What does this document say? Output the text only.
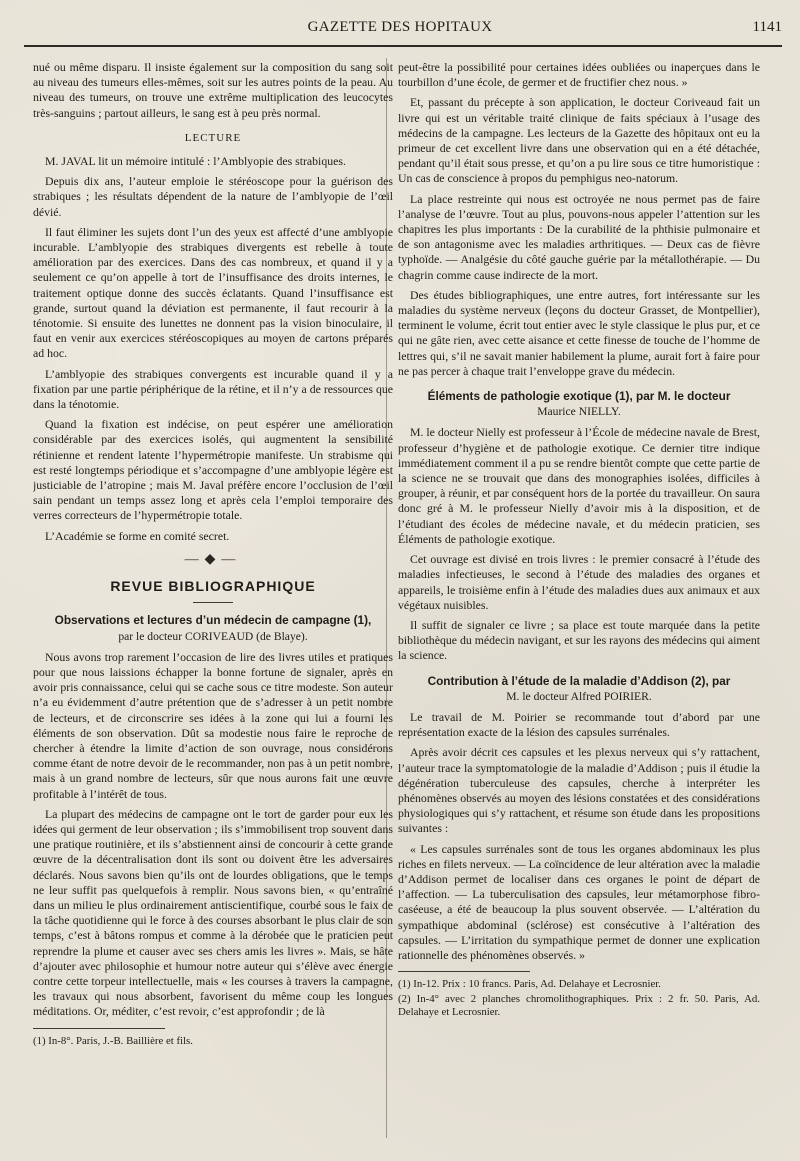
GAZETTE DES HOPITAUX	1141

nué ou même disparu. Il insiste également sur la composition du sang soit au niveau des tumeurs elles-mêmes, soit sur les autres points de la peau. Au niveau des tumeurs, on trouve une extrême multiplication des leucocytes très-sanguins ; partout ailleurs, le sang est à peu près normal.

LECTURE

M. JAVAL lit un mémoire intitulé : l’Amblyopie des strabiques.

Depuis dix ans, l’auteur emploie le stéréoscope pour la guérison des strabiques ; les résultats dépendent de la nature de l’amblyopie de l’œil dévié.

Il faut éliminer les sujets dont l’un des yeux est affecté d’une amblyopie incurable. L’amblyopie des strabiques divergents est rebelle à toute amélioration par des exercices. Dans des cas nombreux, et quand il y a seulement ce qu’on appelle à tort de l’insuffisance des droits internes, le traitement optique donne des succès éclatants. Quand l’insuffisance est grande, surtout quand la déviation est permanente, il faut recourir à la ténotomie. Si ensuite des lunettes ne donnent pas la vision binoculaire, il faut en venir aux exercices stéréoscopiques au moyen de cartons préparés ad hoc.

L’amblyopie des strabiques convergents est incurable quand il y a fixation par une partie périphérique de la rétine, et il n’y a de ressources que dans la ténotomie.

Quand la fixation est indécise, on peut espérer une amélioration considérable par des exercices isolés, qui augmentent la sensibilité rétinienne et rendent latente l’hypermétropie manifeste. Un strabisme qui est resté longtemps périodique et s’accompagne d’une amblyopie légère est justiciable de l’atropine ; mais M. Javal préfère encore l’occlusion de l’œil sain pendant un temps assez long et après cela l’emploi temporaire des verres correcteurs de l’hypermétropie totale.

L’Académie se forme en comité secret.

—◆—
REVUE BIBLIOGRAPHIQUE
Observations et lectures d’un médecin de campagne (1),
par le docteur CORIVEAUD (de Blaye).

Nous avons trop rarement l’occasion de lire des livres utiles et pratiques pour que nous laissions échapper la bonne fortune de signaler, après en avoir pris connaissance, celui qui se cache sous ce titre modeste. Son auteur n’a eu évidemment d’autre prétention que de s’adresser à un petit nombre de lecteurs, et de circonscrire ses idées à la zone qui lui a fourni les éléments de son observation. Dût sa modestie nous faire le reproche de chercher à étendre la limite d’action de son ouvrage, nous considérons comme étant de notre devoir de le recommander, non pas à un petit nombre, mais à un grand nombre de lecteurs, sûr que nous aurons fait une œuvre profitable à l’intérêt de tous.

La plupart des médecins de campagne ont le tort de garder pour eux les idées qui germent de leur observation ; ils s’immobilisent trop souvent dans une pratique routinière, et ils s’abstiennent ainsi de concourir à cette grande œuvre de la décentralisation dont ils sont ou doivent être les adversaires déclarés. Nous savons bien qu’ils ont de lourdes obligations, que le temps ne leur suffit pas quelquefois à remplir. Nous savons bien, « qu’entraîné dans un milieu le plus ordinairement antiscientifique, courbé sous le faix de la tâche quotidienne qui le force à des courses absorbant le plus clair de son temps, c’est à bâtons rompus et comme à la dérobée que le praticien peut reprendre la plume et causer avec ses chers amis les livres ». Mais, se hâte d’ajouter avec philosophie et humour notre auteur qui s’élève avec énergie contre cette torpeur intellectuelle, mais « les courses à travers la campagne, les travaux qui nous absorbent, favorisent du même coup les longues méditations. Or, méditer, c’est revoir, c’est approfondir ; de là

(1) In-8°. Paris, J.-B. Baillière et fils.

peut-être la possibilité pour certaines idées oubliées ou inaperçues dans le tourbillon d’une école, de germer et de fructifier chez nous. »

Et, passant du précepte à son application, le docteur Coriveaud fait un livre qui est un véritable traité clinique de faits spéciaux à l’usage des médecins de la campagne. Les lecteurs de la Gazette des hôpitaux ont eu la primeur de cet excellent livre dans une observation qui en a été détachée, pendant qu’il était sous presse, et qu’on a pu lire sous ce titre humoristique : Un cas de conscience à propos du pemphigus neo-natorum.

La place restreinte qui nous est octroyée ne nous permet pas de faire l’analyse de l’œuvre. Tout au plus, pouvons-nous appeler l’attention sur les chapitres les plus importants : De la curabilité de la phthisie pulmonaire et de son antagonisme avec les maladies arthritiques. — Deux cas de fièvre typhoïde. — Analgésie du côté gauche guérie par la métallothérapie. — Du chagrin comme cause indirecte de la mort.

Des études bibliographiques, une entre autres, fort intéressante sur les maladies du système nerveux (leçons du docteur Grasset, de Montpellier), terminent le volume, écrit tout entier avec le style classique le plus pur, et ce qui ne gâte rien, avec cette aisance et cette finesse de touche de l’homme de lettres qui, s’il ne savait manier habilement la plume, aurait fort à faire pour ne pas percer à chaque trait l’enveloppe grave du médecin.

Éléments de pathologie exotique (1), par M. le docteur
Maurice NIELLY.

M. le docteur Nielly est professeur à l’École de médecine navale de Brest, professeur d’hygiène et de pathologie exotique. Ce dernier titre indique immédiatement comment il a pu se rendre bientôt compte que cette partie de la science ne se trouvait que dans des monographies isolées, difficiles à grouper, à réunir, et par conséquent hors de la portée du travailleur. On saura donc gré à M. le professeur Nielly d’avoir mis à la disposition, et de l’étudiant des écoles de médecine navale, et du médecin praticien, ses Éléments de pathologie exotique.

Cet ouvrage est divisé en trois livres : le premier consacré à l’étude des maladies infectieuses, le second à l’étude des maladies des organes et appareils, le troisième enfin à l’étude des maladies dues aux animaux et aux végétaux nuisibles.

Il suffit de signaler ce livre ; sa place est toute marquée dans la petite bibliothèque du médecin navigant, et sur les rayons des médecins qui aiment la science.

Contribution à l’étude de la maladie d’Addison (2), par
M. le docteur Alfred POIRIER.

Le travail de M. Poirier se recommande tout d’abord par une représentation exacte de la lésion des capsules surrénales.

Après avoir décrit ces capsules et les plexus nerveux qui s’y rattachent, l’auteur trace la symptomatologie de la maladie d’Addison ; puis il étudie la dégénération tuberculeuse des capsules, cherche à interpréter les phénomènes observés au moyen des lésions constatées et des considérations physiologiques qui s’y rattachent, et résume son étude dans les propositions suivantes :

« Les capsules surrénales sont de tous les organes abdominaux les plus riches en filets nerveux. — La coïncidence de leur altération avec la maladie d’Addison permet de localiser dans ces organes le point de départ de l’affection. — La tuberculisation des capsules, leur métamorphose fibro-caséeuse, a été de beaucoup la plus souvent observée. — L’altération du sympathique abdominal (sclérose) est consécutive à l’altération des capsules. — L’irritation du sympathique permet de donner une explication rationnelle des phénomènes observés. »

(1) In-12. Prix : 10 francs. Paris, Ad. Delahaye et Lecrosnier.

(2) In-4° avec 2 planches chromolithographiques. Prix : 2 fr. 50. Paris, Ad. Delahaye et Lecrosnier.
